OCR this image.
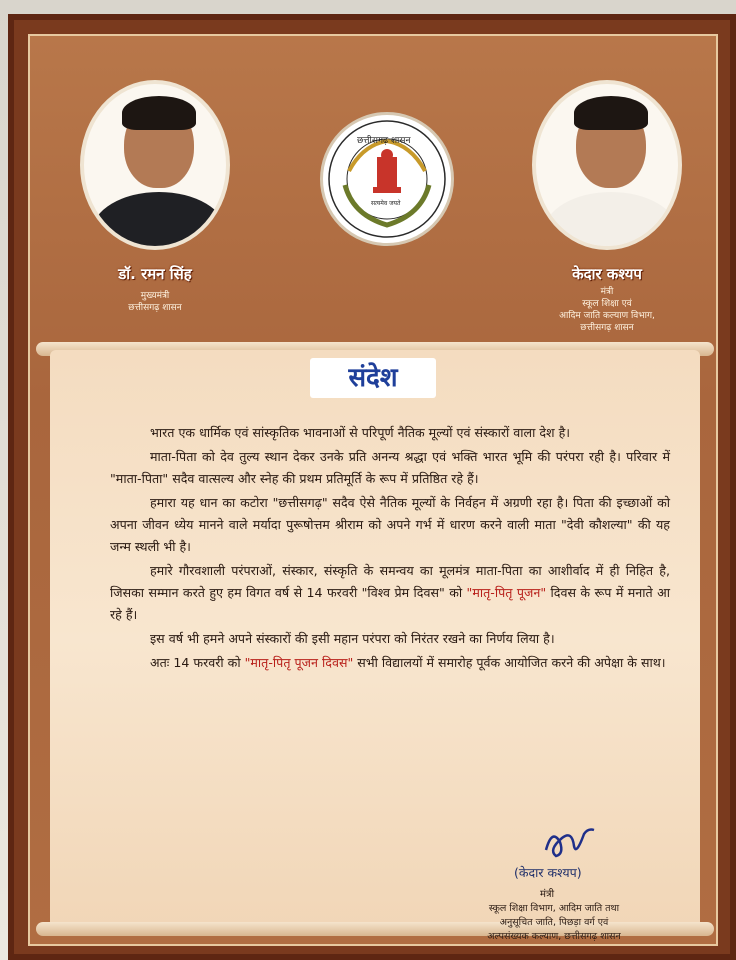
छत्तीसगढ़ शासन
सत्यमेव जयते
डॉ. रमन सिंह
मुख्यमंत्री
छत्तीसगढ़ शासन
केदार कश्यप
मंत्री
स्कूल शिक्षा एवं
आदिम जाति कल्याण विभाग,
छत्तीसगढ़ शासन
संदेश

भारत एक धार्मिक एवं सांस्कृतिक भावनाओं से परिपूर्ण नैतिक मूल्यों एवं संस्कारों वाला देश है।

माता-पिता को देव तुल्य स्थान देकर उनके प्रति अनन्य श्रद्धा एवं भक्ति भारत भूमि की परंपरा रही है। परिवार में "माता-पिता" सदैव वात्सल्य और स्नेह की प्रथम प्रतिमूर्ति के रूप में प्रतिष्ठित रहे हैं।

हमारा यह धान का कटोरा "छत्तीसगढ़" सदैव ऐसे नैतिक मूल्यों के निर्वहन में अग्रणी रहा है। पिता की इच्छाओं को अपना जीवन ध्येय मानने वाले मर्यादा पुरूषोत्तम श्रीराम को अपने गर्भ में धारण करने वाली माता "देवी कौशल्या" की यह जन्म स्थली भी है।

हमारे गौरवशाली परंपराओं, संस्कार, संस्कृति के समन्वय का मूलमंत्र माता-पिता का आशीर्वाद में ही निहित है, जिसका सम्मान करते हुए हम विगत वर्ष से 14 फरवरी "विश्व प्रेम दिवस" को "मातृ-पितृ पूजन" दिवस के रूप में मनाते आ रहे हैं।

इस वर्ष भी हमने अपने संस्कारों की इसी महान परंपरा को निरंतर रखने का निर्णय लिया है।

अतः 14 फरवरी को "मातृ-पितृ पूजन दिवस" सभी विद्यालयों में समारोह पूर्वक आयोजित करने की अपेक्षा के साथ।

(केदार कश्यप)
मंत्री
स्कूल शिक्षा विभाग, आदिम जाति तथा
अनुसूचित जाति, पिछड़ा वर्ग एवं
अल्पसंख्यक कल्याण, छत्तीसगढ़ शासन
